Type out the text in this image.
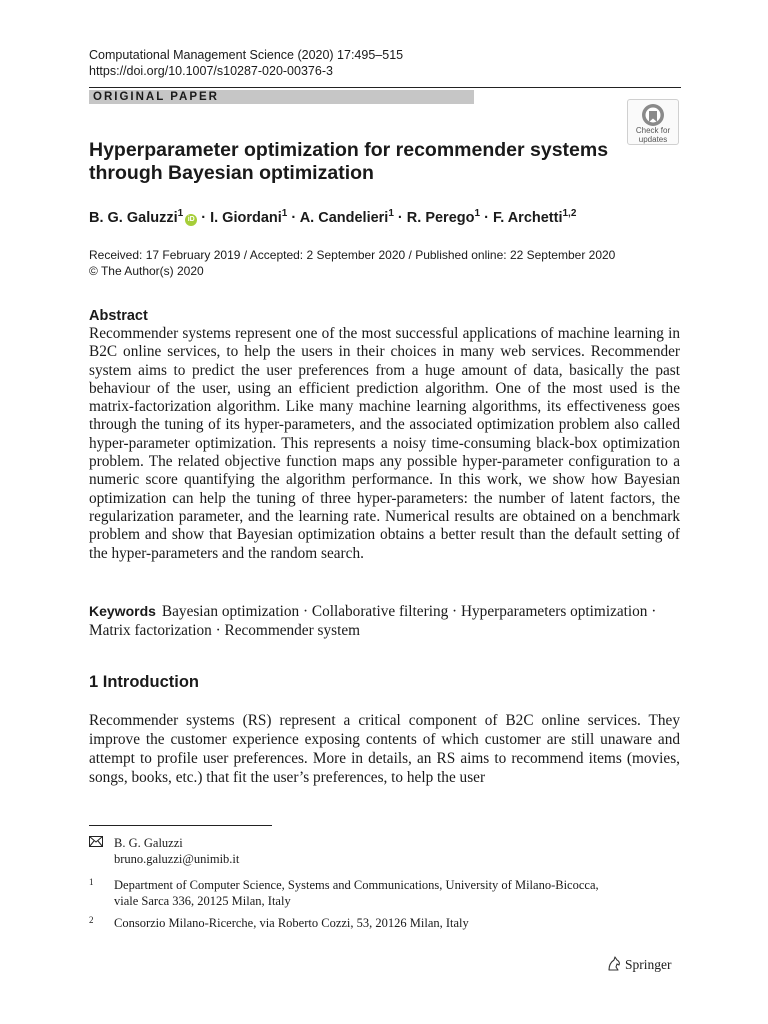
Computational Management Science (2020) 17:495–515
https://doi.org/10.1007/s10287-020-00376-3
ORIGINAL PAPER
Check for
updates
Hyperparameter optimization for recommender systems through Bayesian optimization
B. G. Galuzzi$^1$iD · I. Giordani$^1$ · A. Candelieri$^1$ · R. Perego$^1$ · F. Archetti$^{1,2}$
Received: 17 February 2019 / Accepted: 2 September 2020 / Published online: 22 September 2020
© The Author(s) 2020
Abstract
Recommender systems represent one of the most successful applications of machine learning in B2C online services, to help the users in their choices in many web services. Recommender system aims to predict the user preferences from a huge amount of data, basically the past behaviour of the user, using an efficient prediction algorithm. One of the most used is the matrix-factorization algorithm. Like many machine learning algorithms, its effectiveness goes through the tuning of its hyper-parameters, and the associated optimization problem also called hyper-parameter optimization. This represents a noisy time-consuming black-box optimization problem. The related objective function maps any possible hyper-parameter configuration to a numeric score quantifying the algorithm performance. In this work, we show how Bayesian optimization can help the tuning of three hyper-parameters: the number of latent factors, the regularization parameter, and the learning rate. Numerical results are obtained on a benchmark problem and show that Bayesian optimization obtains a better result than the default setting of the hyper-parameters and the random search.
Keywords Bayesian optimization · Collaborative filtering · Hyperparameters optimization · Matrix factorization · Recommender system
1 Introduction
Recommender systems (RS) represent a critical component of B2C online services. They improve the customer experience exposing contents of which customer are still unaware and attempt to profile user preferences. More in details, an RS aims to recommend items (movies, songs, books, etc.) that fit the user’s preferences, to help the user
B. G. Galuzzi
bruno.galuzzi@unimib.it
1 Department of Computer Science, Systems and Communications, University of Milano-Bicocca,
viale Sarca 336, 20125 Milan, Italy
2 Consorzio Milano-Ricerche, via Roberto Cozzi, 53, 20126 Milan, Italy
Springer
